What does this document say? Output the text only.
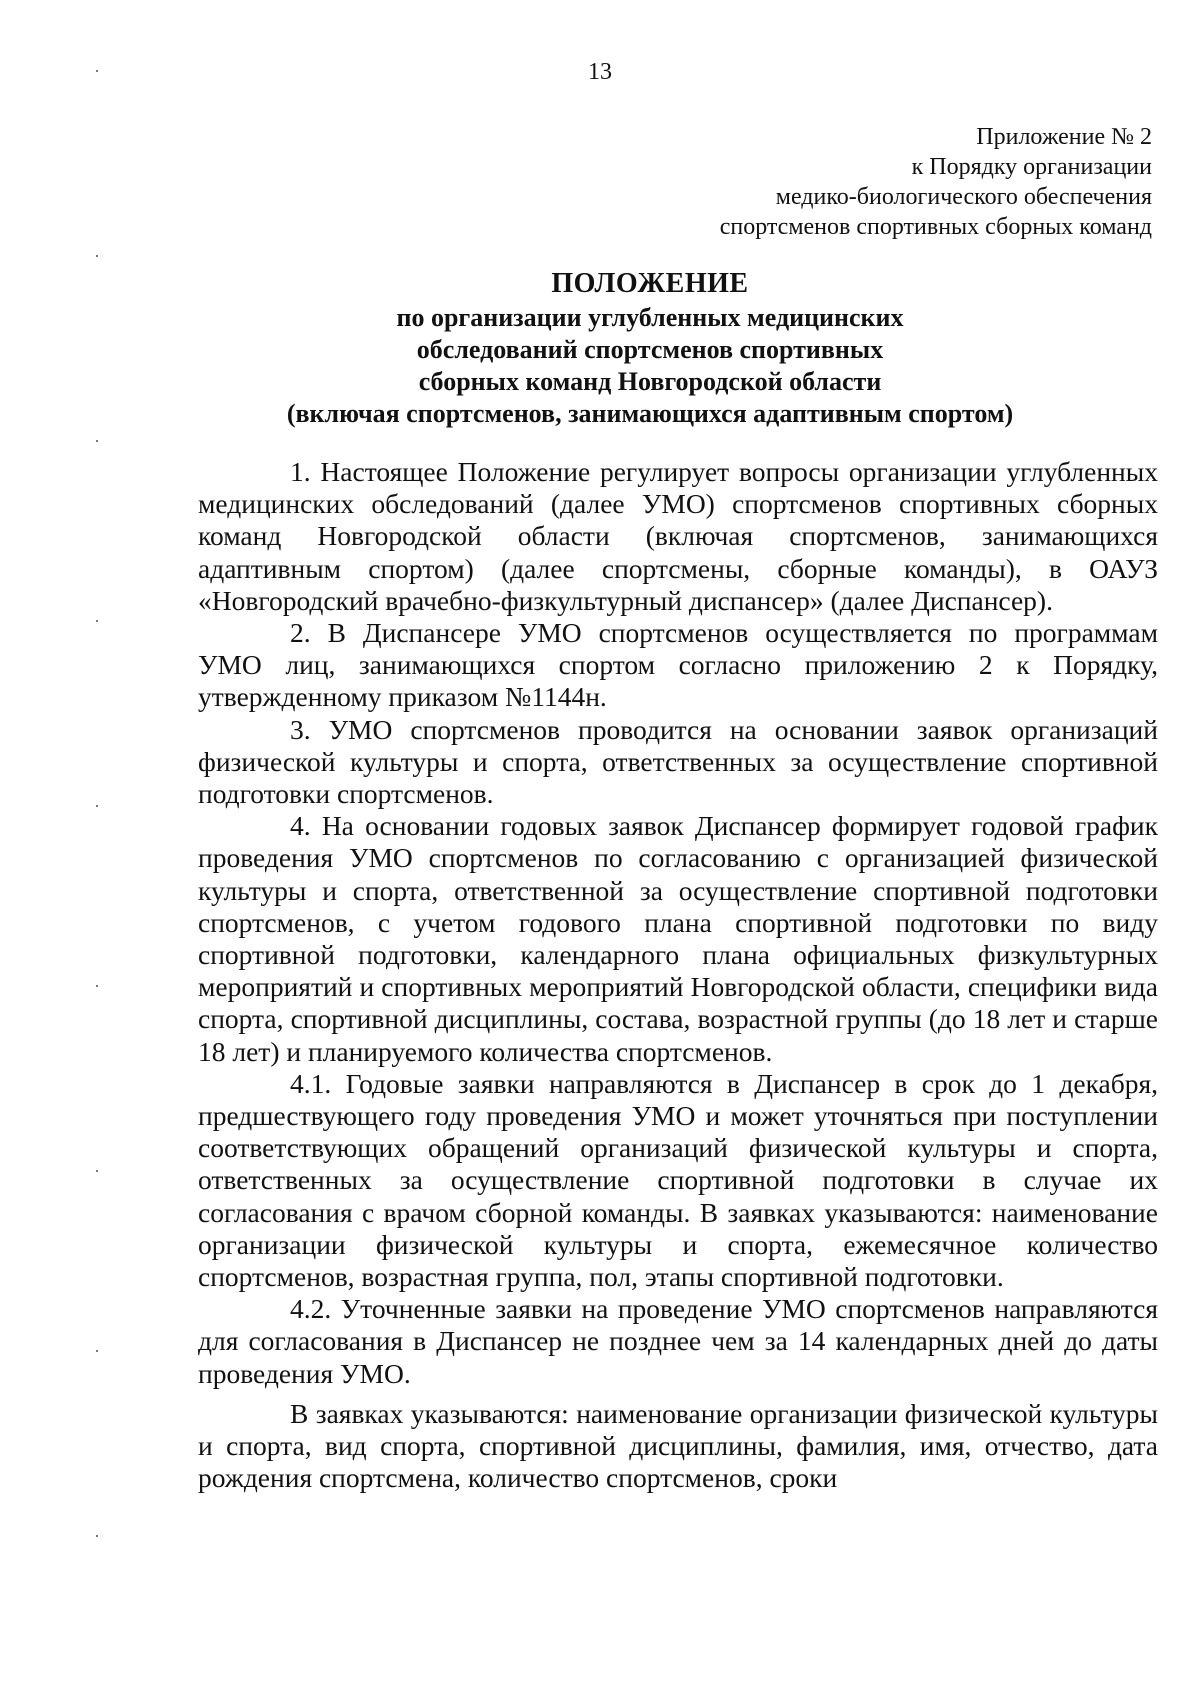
13
Приложение № 2
к Порядку организации
медико-биологического обеспечения
спортсменов спортивных сборных команд
ПОЛОЖЕНИЕ
по организации углубленных медицинских
обследований спортсменов спортивных
сборных команд Новгородской области
(включая спортсменов, занимающихся адаптивным спортом)

1. Настоящее Положение регулирует вопросы организации углубленных медицинских обследований (далее УМО) спортсменов спортивных сборных команд Новгородской области (включая спортсменов, занимающихся адаптивным спортом) (далее спортсмены, сборные команды), в ОАУЗ «Новгородский врачебно-физкультурный диспансер» (далее Диспансер).

2. В Диспансере УМО спортсменов осуществляется по программам УМО лиц, занимающихся спортом согласно приложению 2 к Порядку, утвержденному приказом №1144н.

3. УМО спортсменов проводится на основании заявок организаций физической культуры и спорта, ответственных за осуществление спортивной подготовки спортсменов.

4. На основании годовых заявок Диспансер формирует годовой график проведения УМО спортсменов по согласованию с организацией физической культуры и спорта, ответственной за осуществление спортивной подготовки спортсменов, с учетом годового плана спортивной подготовки по виду спортивной подготовки, календарного плана официальных физкультурных мероприятий и спортивных мероприятий Новгородской области, специфики вида спорта, спортивной дисциплины, состава, возрастной группы (до 18 лет и старше 18 лет) и планируемого количества спортсменов.

4.1. Годовые заявки направляются в Диспансер в срок до 1 декабря, предшествующего году проведения УМО и может уточняться при поступлении соответствующих обращений организаций физической культуры и спорта, ответственных за осуществление спортивной подготовки в случае их согласования с врачом сборной команды. В заявках указываются: наименование организации физической культуры и спорта, ежемесячное количество спортсменов, возрастная группа, пол, этапы спортивной подготовки.

4.2. Уточненные заявки на проведение УМО спортсменов направляются для согласования в Диспансер не позднее чем за 14 календарных дней до даты проведения УМО.

В заявках указываются: наименование организации физической культуры и спорта, вид спорта, спортивной дисциплины, фамилия, имя, отчество, дата рождения спортсмена, количество спортсменов, сроки
